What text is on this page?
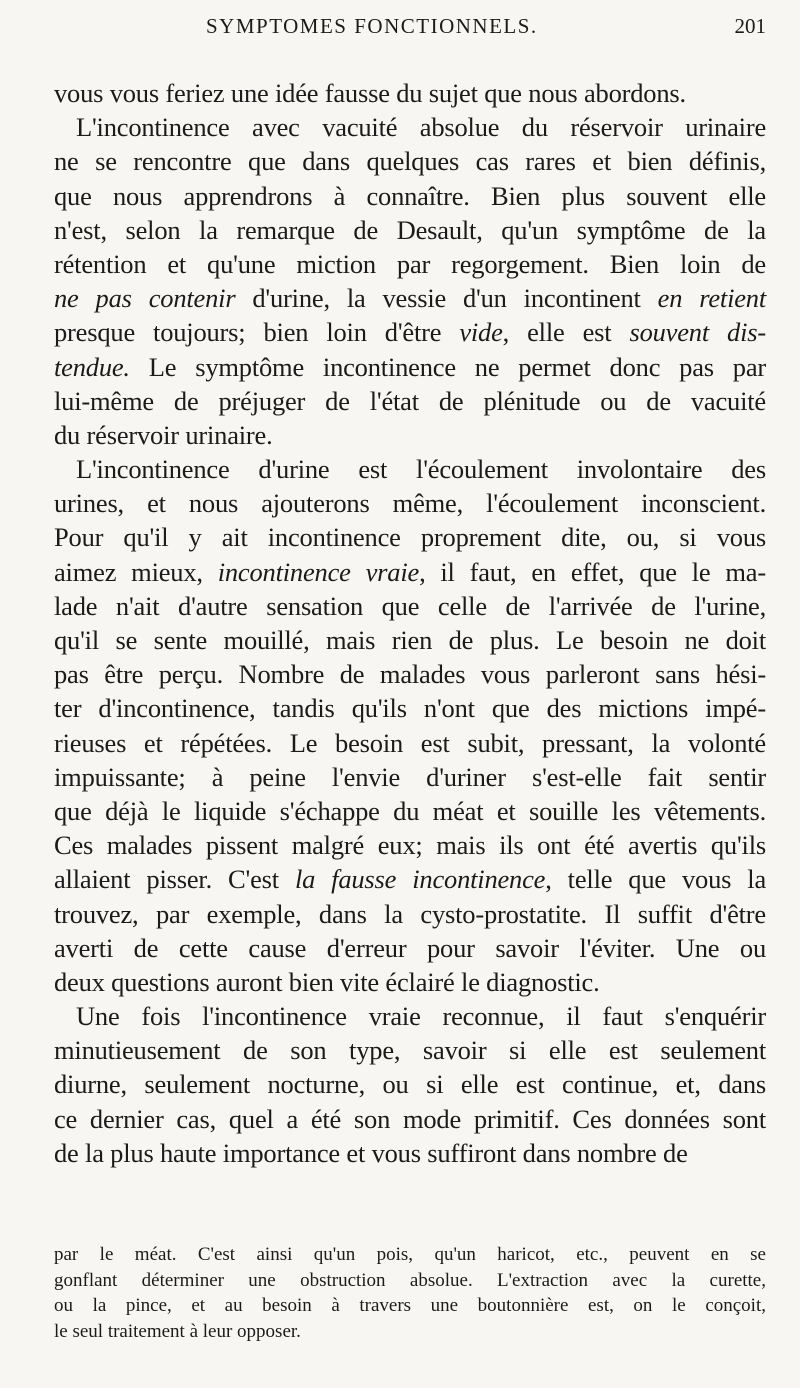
SYMPTOMES FONCTIONNELS.	201
vous vous feriez une idée fausse du sujet que nous abordons.
L'incontinence avec vacuité absolue du réservoir urinaire
ne se rencontre que dans quelques cas rares et bien définis,
que nous apprendrons à connaître. Bien plus souvent elle
n'est, selon la remarque de Desault, qu'un symptôme de la
rétention et qu'une miction par regorgement. Bien loin de
ne pas contenir d'urine, la vessie d'un incontinent en retient
presque toujours; bien loin d'être vide, elle est souvent dis-
tendue. Le symptôme incontinence ne permet donc pas par
lui-même de préjuger de l'état de plénitude ou de vacuité
du réservoir urinaire.
L'incontinence d'urine est l'écoulement involontaire des
urines, et nous ajouterons même, l'écoulement inconscient.
Pour qu'il y ait incontinence proprement dite, ou, si vous
aimez mieux, incontinence vraie, il faut, en effet, que le ma-
lade n'ait d'autre sensation que celle de l'arrivée de l'urine,
qu'il se sente mouillé, mais rien de plus. Le besoin ne doit
pas être perçu. Nombre de malades vous parleront sans hési-
ter d'incontinence, tandis qu'ils n'ont que des mictions impé-
rieuses et répétées. Le besoin est subit, pressant, la volonté
impuissante; à peine l'envie d'uriner s'est-elle fait sentir
que déjà le liquide s'échappe du méat et souille les vêtements.
Ces malades pissent malgré eux; mais ils ont été avertis qu'ils
allaient pisser. C'est la fausse incontinence, telle que vous la
trouvez, par exemple, dans la cysto-prostatite. Il suffit d'être
averti de cette cause d'erreur pour savoir l'éviter. Une ou
deux questions auront bien vite éclairé le diagnostic.
Une fois l'incontinence vraie reconnue, il faut s'enquérir
minutieusement de son type, savoir si elle est seulement
diurne, seulement nocturne, ou si elle est continue, et, dans
ce dernier cas, quel a été son mode primitif. Ces données sont
de la plus haute importance et vous suffiront dans nombre de
par le méat. C'est ainsi qu'un pois, qu'un haricot, etc., peuvent en se
gonflant déterminer une obstruction absolue. L'extraction avec la curette,
ou la pince, et au besoin à travers une boutonnière est, on le conçoit,
le seul traitement à leur opposer.
